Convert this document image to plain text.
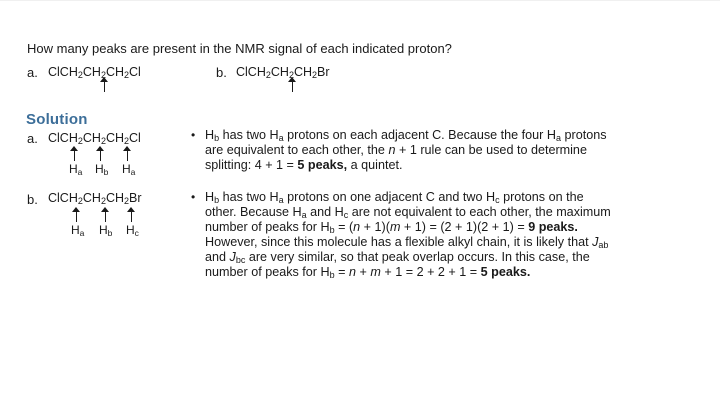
How many peaks are present in the NMR signal of each indicated proton?
a. $ClCH_2CH_2CH_2Cl$	b. $ClCH_2CH_2CH_2Br$
Solution
a. $ClCH_2CH_2CH_2Cl$
$H_a$ $H_b$ $H_a$
• $H_b$ has two $H_a$ protons on each adjacent C. Because the four $H_a$ protons
are equivalent to each other, the n + 1 rule can be used to determine
splitting: 4 + 1 = 5 peaks, a quintet.
b. $ClCH_2CH_2CH_2Br$
$H_a$ $H_b$ $H_c$
• $H_b$ has two $H_a$ protons on one adjacent C and two $H_c$ protons on the
other. Because $H_a$ and $H_c$ are not equivalent to each other, the maximum
number of peaks for $H_b = (n + 1)(m + 1) = (2 + 1)(2 + 1) = 9$ peaks.
However, since this molecule has a flexible alkyl chain, it is likely that $J_{ab}$
and $J_{bc}$ are very similar, so that peak overlap occurs. In this case, the
number of peaks for $H_b = n + m + 1 = 2 + 2 + 1 = 5$ peaks.
